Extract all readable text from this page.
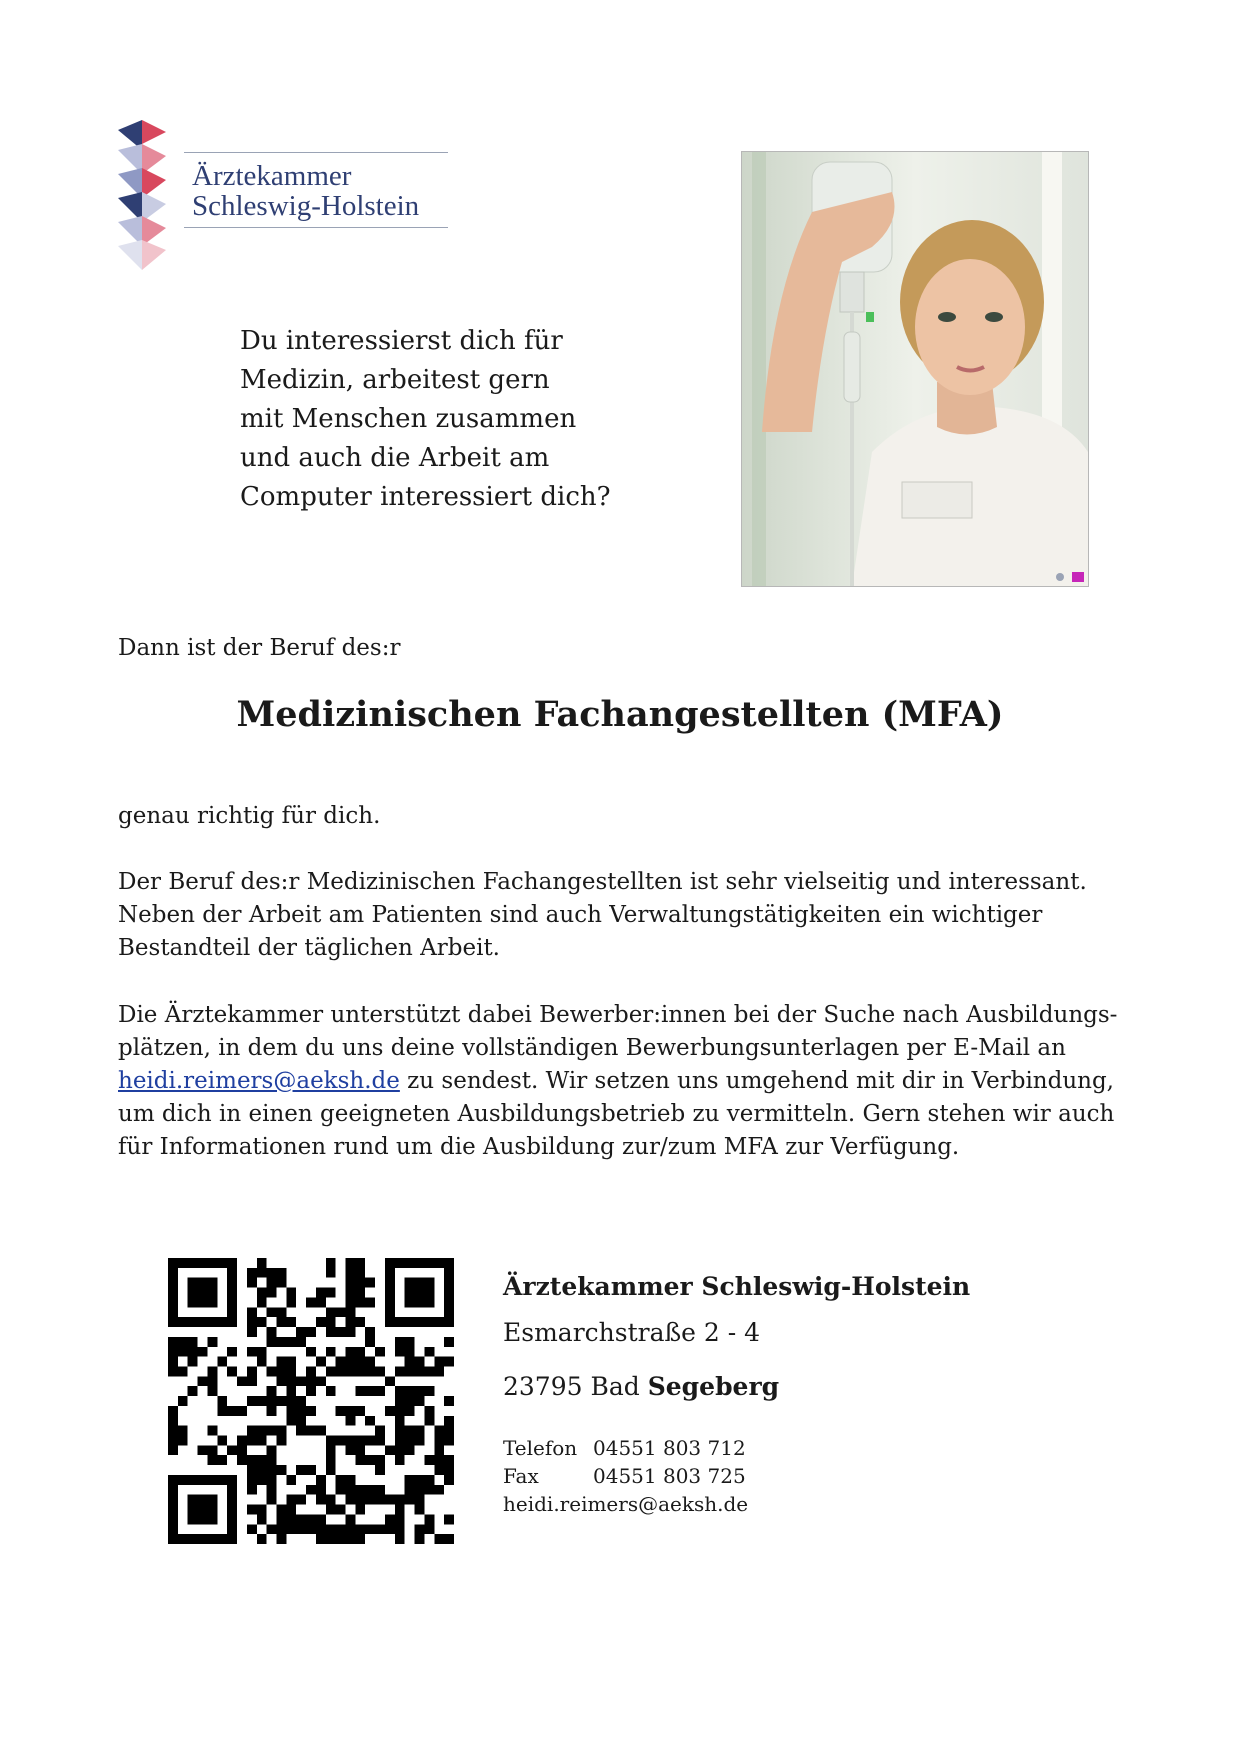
Ärztekammer
Schleswig-Holstein

Du interessierst dich für
Medizin, arbeitest gern
mit Menschen zusammen
und auch die Arbeit am
Computer interessiert dich?

Dann ist der Beruf des:r

Medizinischen Fachangestellten (MFA)

genau richtig für dich.

Der Beruf des:r Medizinischen Fachangestellten ist sehr vielseitig und interessant. Neben der Arbeit am Patienten sind auch Verwaltungstätigkeiten ein wichtiger Bestandteil der täglichen Arbeit.

Die Ärztekammer unterstützt dabei Bewerber:innen bei der Suche nach Ausbildungs-plätzen, in dem du uns deine vollständigen Bewerbungsunterlagen per E-Mail an heidi.reimers@aeksh.de zu sendest. Wir setzen uns umgehend mit dir in Verbindung, um dich in einen geeigneten Ausbildungsbetrieb zu vermitteln. Gern stehen wir auch für Informationen rund um die Ausbildung zur/zum MFA zur Verfügung.

Ärztekammer Schleswig-Holstein

Esmarchstraße 2 - 4

23795 Bad Segeberg

Telefon 04551 803 712
Fax	04551 803 725
heidi.reimers@aeksh.de
